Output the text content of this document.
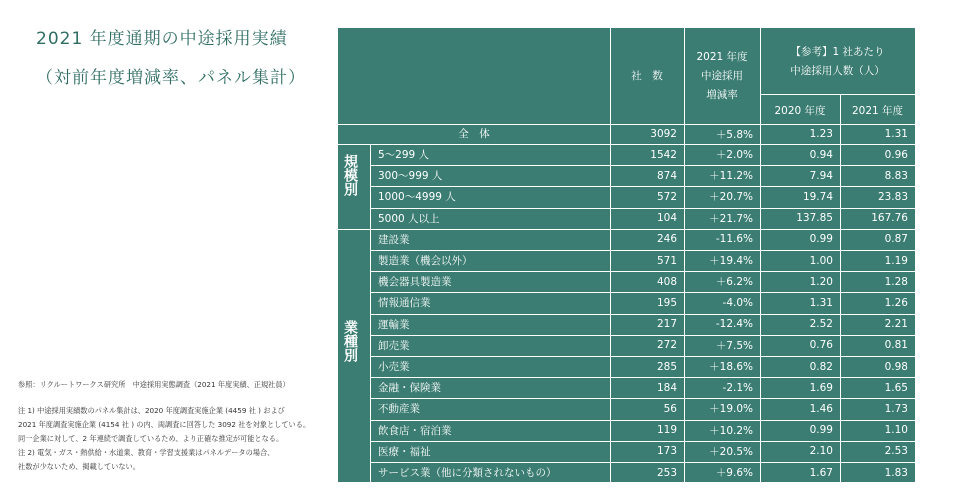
2021 年度通期の中途採用実績
（対前年度増減率、パネル集計）
参照：リクルートワークス研究所　中途採用実態調査（2021 年度実績、正規社員）
注 1) 中途採用実績数のパネル集計は、2020 年度調査実施企業 (4459 社 ) および
2021 年度調査実施企業 (4154 社 ) の内、両調査に回答した 3092 社を対象としている。
同一企業に対して、2 年連続で調査しているため、より正確な推定が可能となる。
注 2) 電気・ガス・熱供給・水道業、教育・学習支援業はパネルデータの場合、
社数が少ないため、掲載していない。
社　数
2021 年度
中途採用
増減率
【参考】1 社あたり
中途採用人数（人）
2020 年度	2021 年度
全　体	3092	＋5.8%	1.23	1.31
規模別
業種別
5～299 人	1542	＋2.0%	0.94	0.96
300～999 人	874	＋11.2%	7.94	8.83
1000～4999 人	572	＋20.7%	19.74	23.83
5000 人以上	104	＋21.7%	137.85	167.76
建設業	246	-11.6%	0.99	0.87
製造業（機会以外）	571	＋19.4%	1.00	1.19
機会器具製造業	408	＋6.2%	1.20	1.28
情報通信業	195	-4.0%	1.31	1.26
運輸業	217	-12.4%	2.52	2.21
卸売業	272	＋7.5%	0.76	0.81
小売業	285	＋18.6%	0.82	0.98
金融・保険業	184	-2.1%	1.69	1.65
不動産業	56	＋19.0%	1.46	1.73
飲食店・宿泊業	119	＋10.2%	0.99	1.10
医療・福祉	173	＋20.5%	2.10	2.53
サービス業（他に分類されないもの）	253	＋9.6%	1.67	1.83
